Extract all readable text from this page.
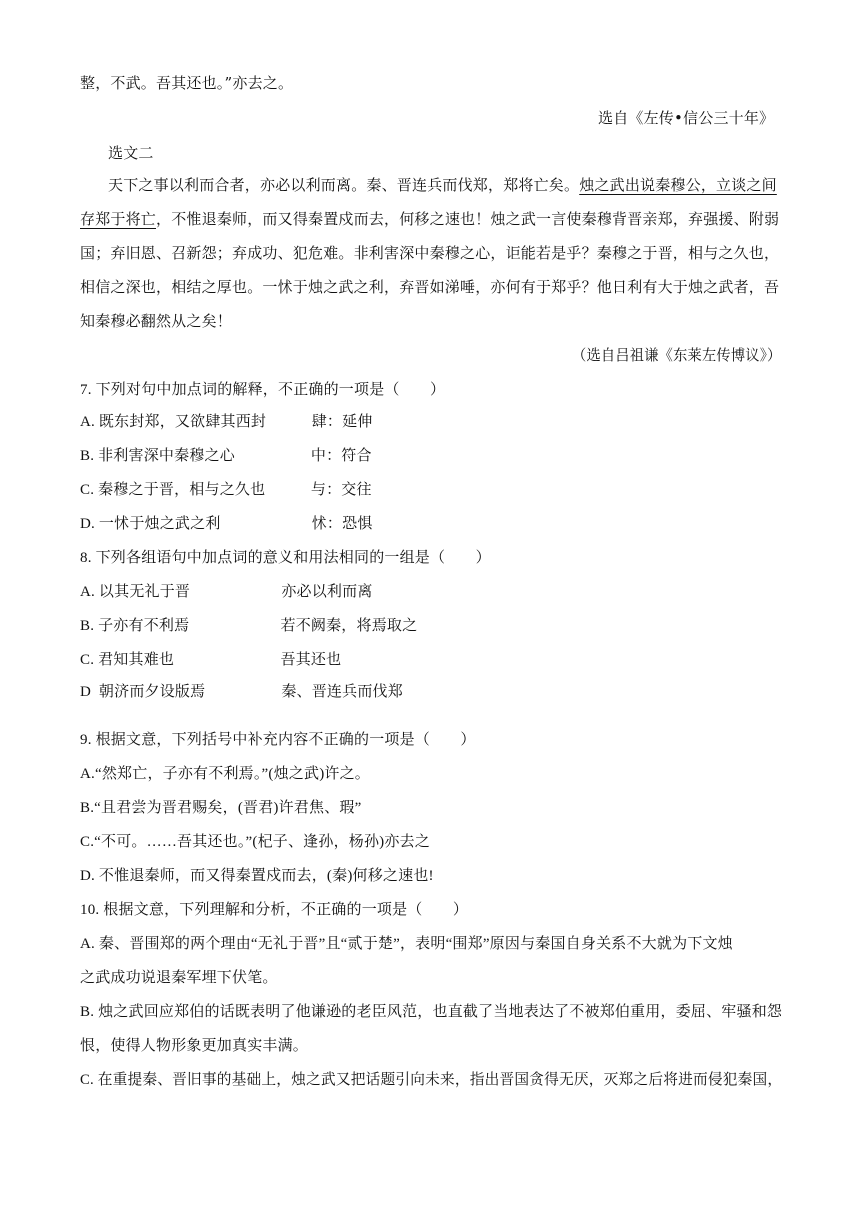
整，不武。吾其还也。”亦去之。
选自《左传•信公三十年》
选文二
天下之事以利而合者，亦必以利而离。秦、晋连兵而伐郑，郑将亡矣。烛之武出说秦穆公，立谈之间
存郑于将亡，不惟退秦师，而又得秦置戍而去，何移之速也！烛之武一言使秦穆背晋亲郑，弃强援、附弱
国；弃旧恩、召新怨；弃成功、犯危难。非利害深中秦穆之心，讵能若是乎？秦穆之于晋，相与之久也，
相信之深也，相结之厚也。一怵于烛之武之利，弃晋如涕唾，亦何有于郑乎？他日利有大于烛之武者，吾
知秦穆必翻然从之矣！
（选自吕祖谦《东莱左传博议》）
7. 下列对句中加点词的解释，不正确的一项是（　　）
A. 既东封郑，又欲肆其西封　　　肆：延伸
B. 非利害深中秦穆之心　　　　　中：符合
C. 秦穆之于晋，相与之久也　　　与：交往
D. 一怵于烛之武之利　　　　　　怵：恐惧
8. 下列各组语句中加点词的意义和用法相同的一组是（　　）
A. 以其无礼于晋　　　　　　亦必以利而离
B. 子亦有不利焉　　　　　　若不阙秦，将焉取之
C. 君知其难也　　　　　　　吾其还也
D  朝济而夕设版焉　　　　　秦、晋连兵而伐郑
9. 根据文意，下列括号中补充内容不正确的一项是（　　）
A.“然郑亡，子亦有不利焉。”(烛之武)许之。
B.“且君尝为晋君赐矣，(晋君)许君焦、瑕”
C.“不可。……吾其还也。”(杞子、逢孙，杨孙)亦去之
D. 不惟退秦师，而又得秦置戍而去，(秦)何移之速也!
10. 根据文意，下列理解和分析，不正确的一项是（　　）
A. 秦、晋围郑的两个理由“无礼于晋”且“贰于楚”，表明“围郑”原因与秦国自身关系不大就为下文烛
之武成功说退秦军埋下伏笔。
B. 烛之武回应郑伯的话既表明了他谦逊的老臣风范，也直截了当地表达了不被郑伯重用，委屈、牢骚和怨
恨，使得人物形象更加真实丰满。
C. 在重提秦、晋旧事的基础上，烛之武又把话题引向未来，指出晋国贪得无厌，灭郑之后将进而侵犯秦国，
